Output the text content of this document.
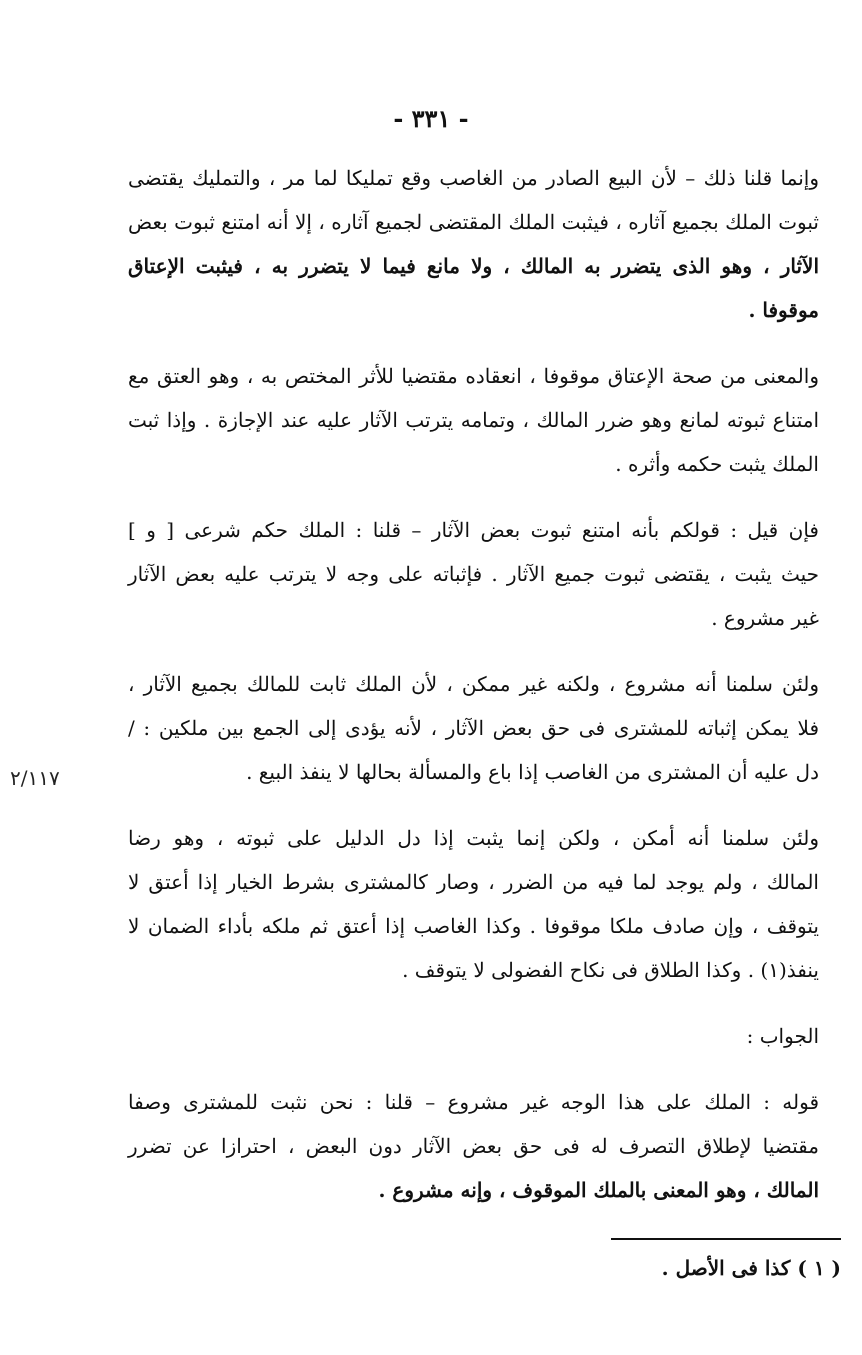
- ٣٣١ -
٢/١١٧

وإنما قلنا ذلك – لأن البيع الصادر من الغاصب وقع تمليكا لما مر ، والتمليك يقتضى
ثبوت الملك بجميع آثاره ، فيثبت الملك المقتضى لجميع آثاره ، إلا أنه امتنع ثبوت بعض
الآثار ، وهو الذى يتضرر به المالك ، ولا مانع فيما لا يتضرر به ، فيثبت الإعتاق
موقوفا .

والمعنى من صحة الإعتاق موقوفا ، انعقاده مقتضيا للأثر المختص به ، وهو العتق مع
امتناع ثبوته لمانع وهو ضرر المالك ، وتمامه يترتب الآثار عليه عند الإجازة . وإذا ثبت
الملك يثبت حكمه وأثره .

فإن قيل : قولكم بأنه امتنع ثبوت بعض الآثار – قلنا : الملك حكم شرعى [ و ]
حيث يثبت ، يقتضى ثبوت جميع الآثار . فإثباته على وجه لا يترتب عليه بعض الآثار
غير مشروع .

ولئن سلمنا أنه مشروع ، ولكنه غير ممكن ، لأن الملك ثابت للمالك بجميع الآثار ،
فلا يمكن إثباته للمشترى فى حق بعض الآثار ، لأنه يؤدى إلى الجمع بين ملكين : /
دل عليه أن المشترى من الغاصب إذا باع والمسألة بحالها لا ينفذ البيع .

ولئن سلمنا أنه أمكن ، ولكن إنما يثبت إذا دل الدليل على ثبوته ، وهو رضا
المالك ، ولم يوجد لما فيه من الضرر ، وصار كالمشترى بشرط الخيار إذا أعتق لا
يتوقف ، وإن صادف ملكا موقوفا . وكذا الغاصب إذا أعتق ثم ملكه بأداء الضمان لا
ينفذ(١) . وكذا الطلاق فى نكاح الفضولى لا يتوقف .

الجواب :

قوله : الملك على هذا الوجه غير مشروع – قلنا : نحن نثبت للمشترى وصفا
مقتضيا لإطلاق التصرف له فى حق بعض الآثار دون البعض ، احترازا عن تضرر
المالك ، وهو المعنى بالملك الموقوف ، وإنه مشروع .

( ١ ) كذا فى الأصل .
